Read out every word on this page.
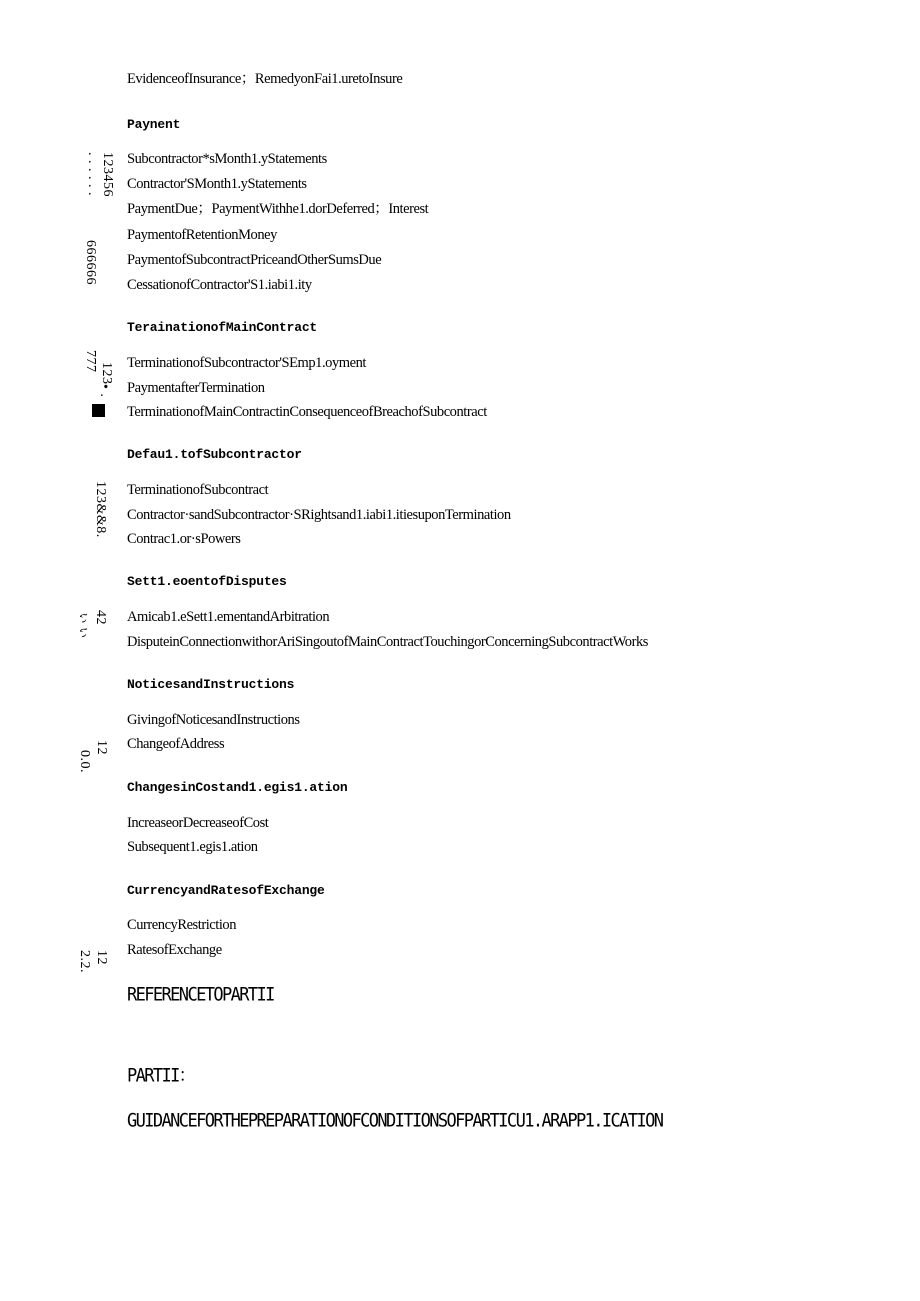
EvidenceofInsurance；RemedyonFai1.uretoInsure
Paynent
123456
. . . . . .
666666
Subcontractor*sMonth1.yStatements
Contractor'SMonth1.yStatements
PaymentDue；PaymentWithhe1.dorDeferred；Interest
PaymentofRetentionMoney
PaymentofSubcontractPriceandOtherSumsDue
CessationofContractor'S1.iabi1.ity
TerainationofMainContract
123
• .
777 TerminationofSubcontractor'SEmp1.oyment
PaymentafterTermination
TerminationofMainContractinConsequenceofBreachofSubcontract
Defau1.tofSubcontractor
123&&8. TerminationofSubcontract
Contractor·sandSubcontractor·SRightsand1.iabi1.itiesuponTermination
Contrac1.or·sPowers
Sett1.eoentofDisputes
42
ぃぃ Amicab1.eSett1.ementandArbitration
DisputeinConnectionwithorAriSingoutofMainContractTouchingorConcerningSubcontractWorks
NoticesandInstructions
12
0.0.
GivingofNoticesandInstructions
ChangeofAddress
ChangesinCostand1.egis1.ation
IncreaseorDecreaseofCost
Subsequent1.egis1.ation
CurrencyandRatesofExchange
12
2.2.
CurrencyRestriction
RatesofExchange
REFERENCETOPARTII
PARTII：
GUIDANCEFORTHEPREPARATIONOFCONDITIONSOFPARTICU1.ARAPP1.ICATION
